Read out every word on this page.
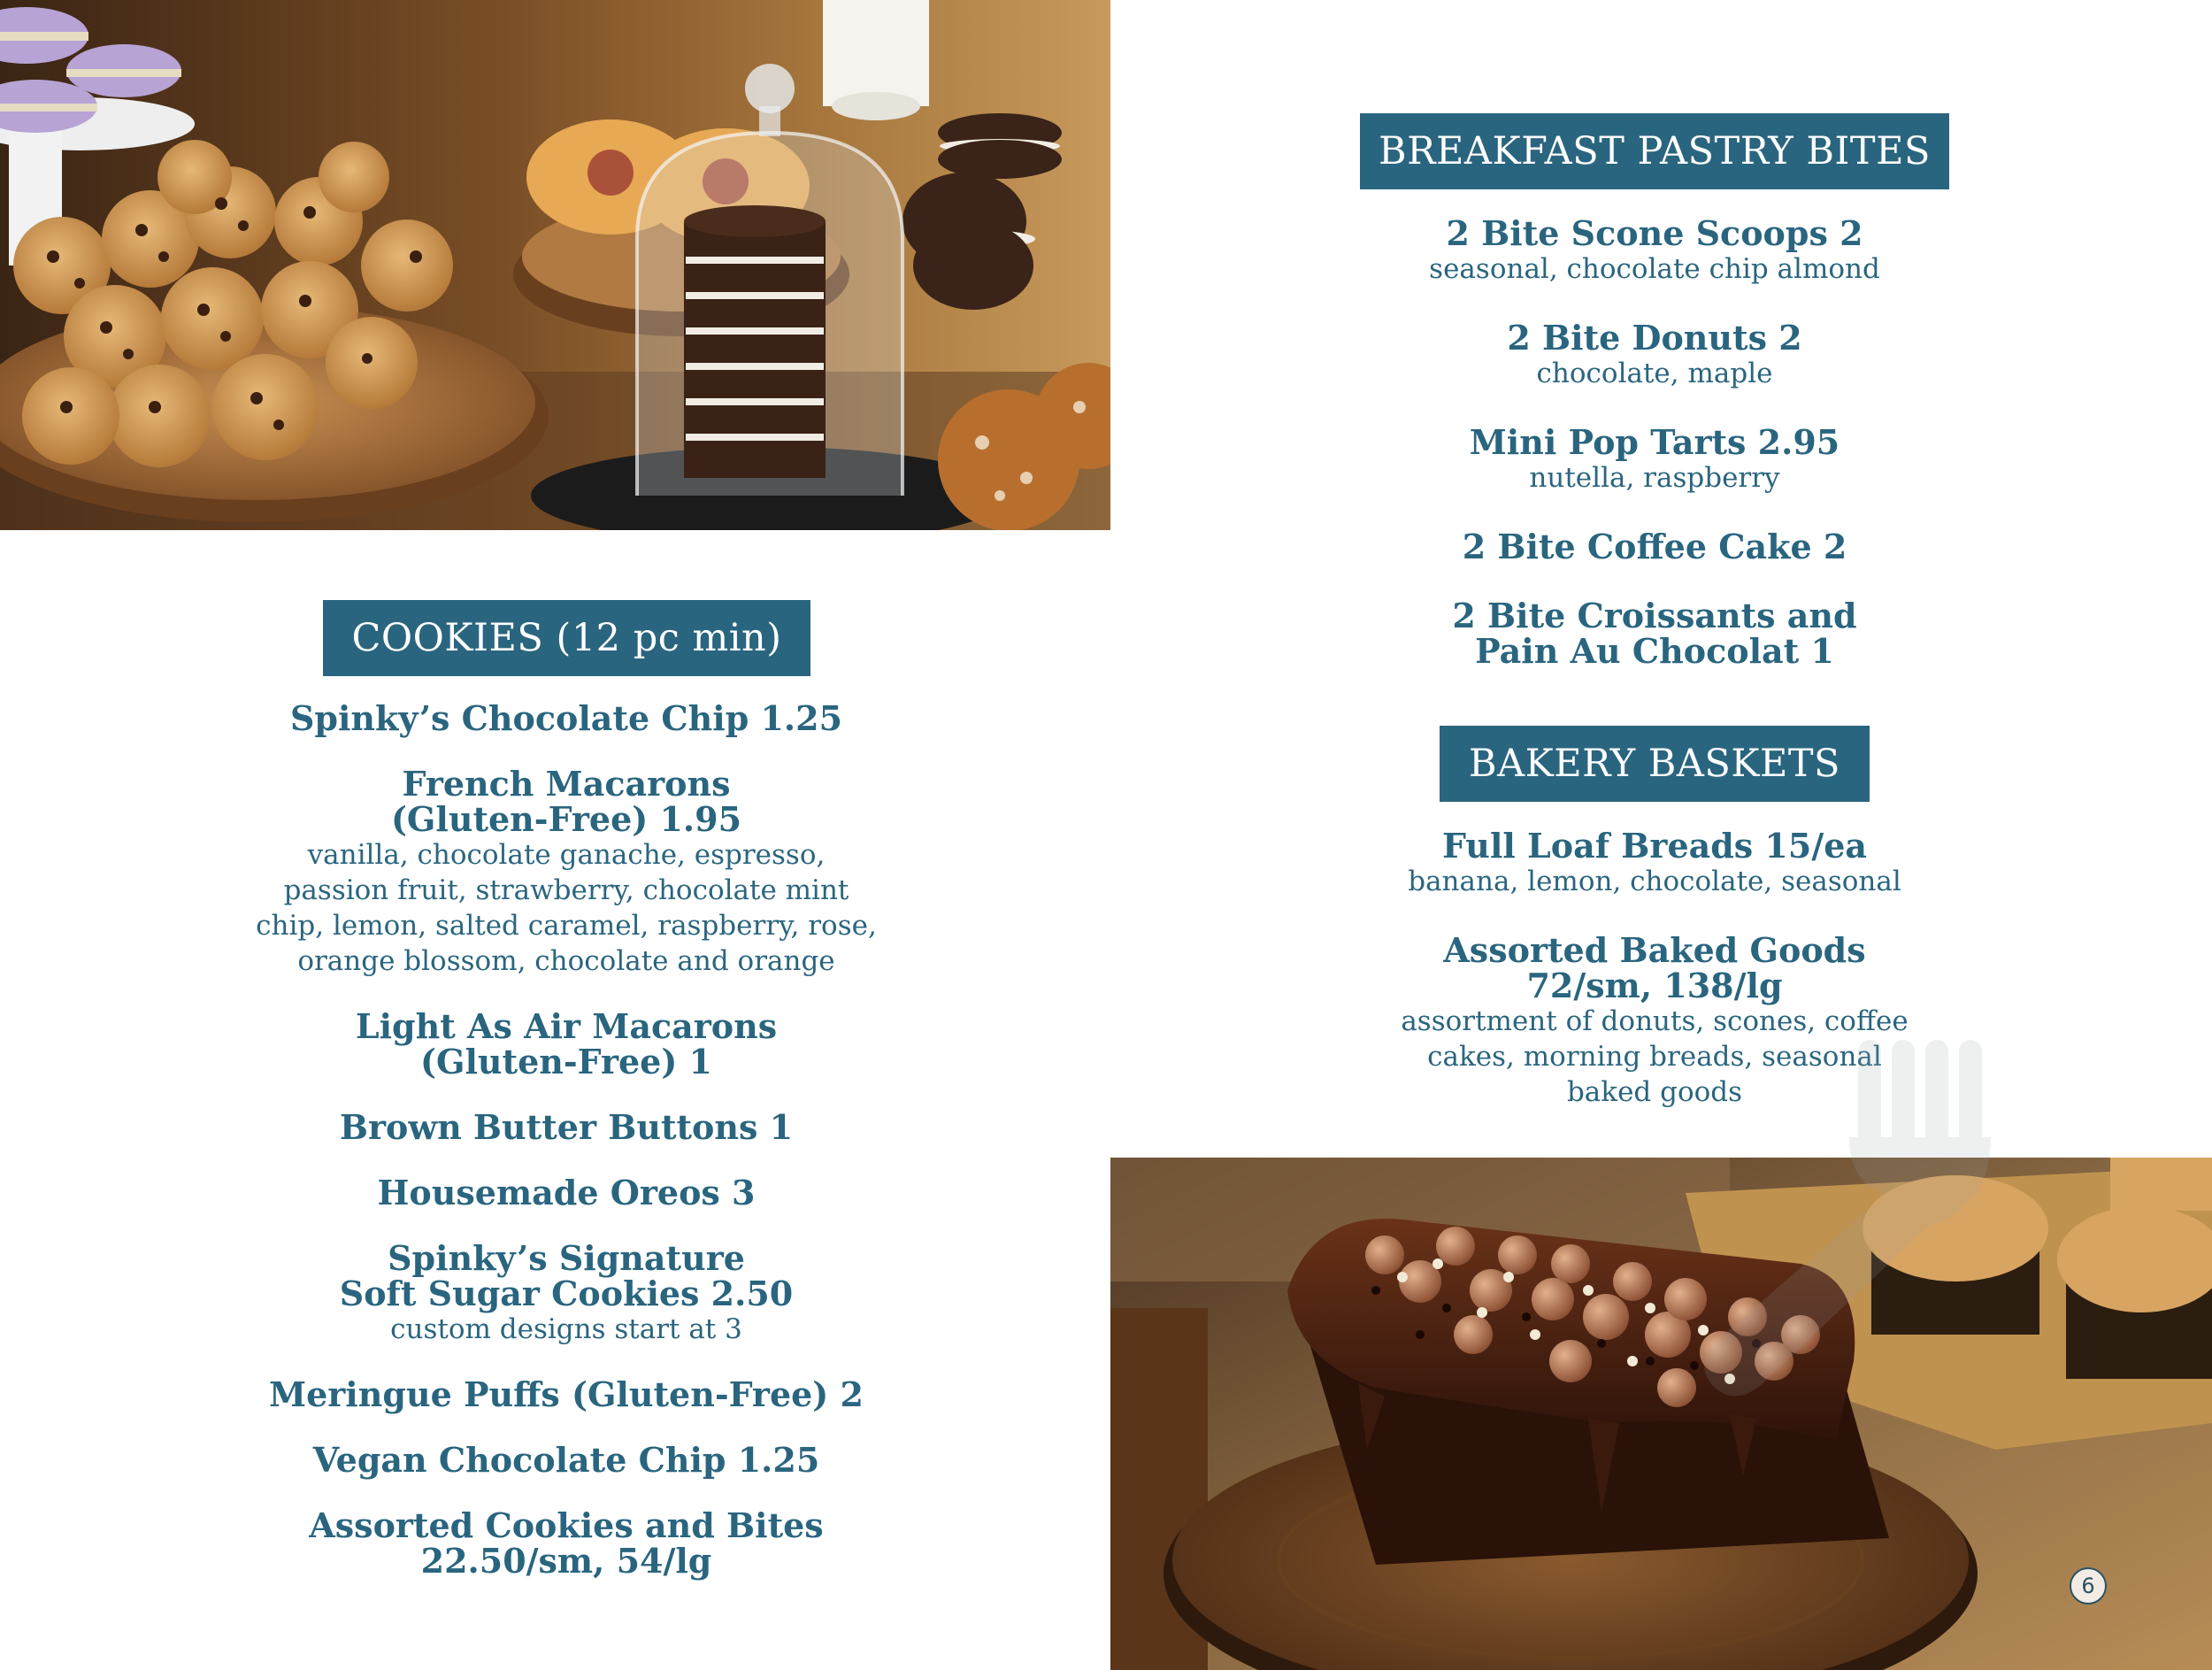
COOKIES (12 pc min)
Spinky’s Chocolate Chip 1.25
French Macarons
(Gluten-Free) 1.95
vanilla, chocolate ganache, espresso,
passion fruit, strawberry, chocolate mint
chip, lemon, salted caramel, raspberry, rose,
orange blossom, chocolate and orange
Light As Air Macarons
(Gluten-Free) 1
Brown Butter Buttons 1
Housemade Oreos 3
Spinky’s Signature
Soft Sugar Cookies 2.50
custom designs start at 3
Meringue Puffs (Gluten-Free) 2
Vegan Chocolate Chip 1.25
Assorted Cookies and Bites
22.50/sm, 54/lg
BREAKFAST PASTRY BITES
2 Bite Scone Scoops 2
seasonal, chocolate chip almond
2 Bite Donuts 2
chocolate, maple
Mini Pop Tarts 2.95
nutella, raspberry
2 Bite Coffee Cake 2
2 Bite Croissants and
Pain Au Chocolat 1
BAKERY BASKETS
Full Loaf Breads 15/ea
banana, lemon, chocolate, seasonal
Assorted Baked Goods
72/sm, 138/lg
assortment of donuts, scones, coffee
cakes, morning breads, seasonal
baked goods
6
